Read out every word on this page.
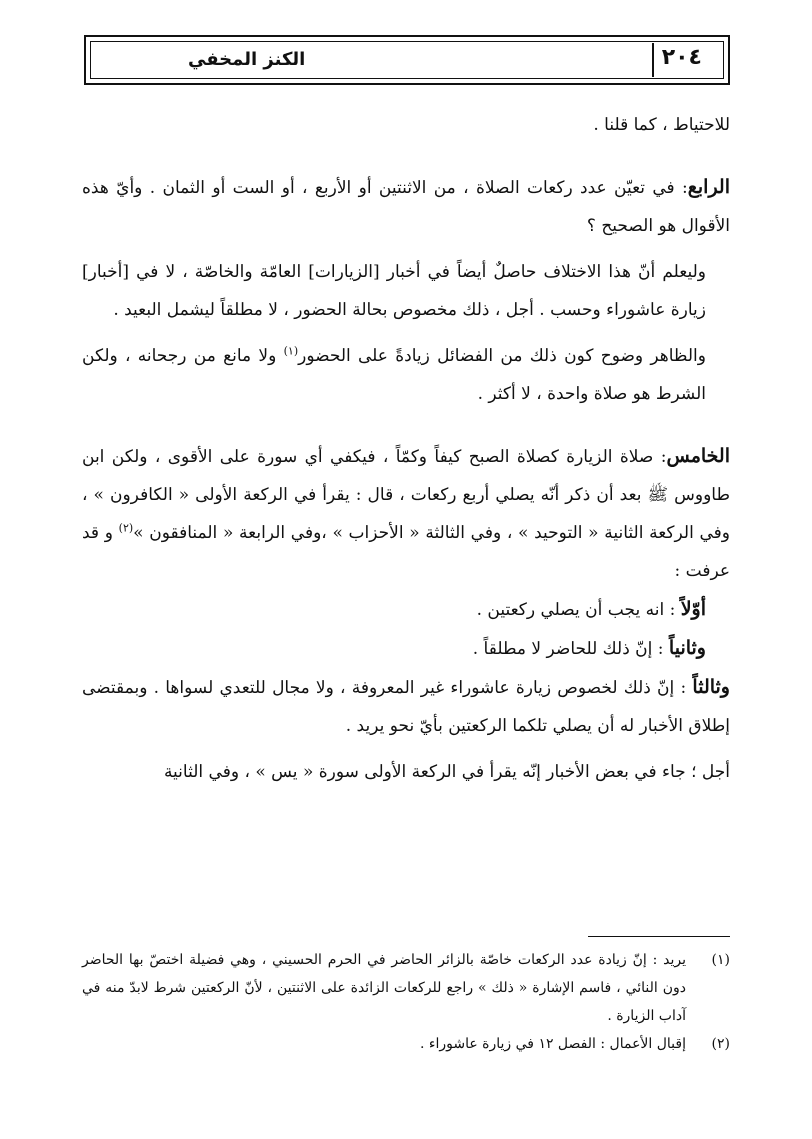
٢٠٤
الكنز المخفي

للاحتياط ، كما قلنا .

الرابع: في تعيّن عدد ركعات الصلاة ، من الاثنتين أو الأربع ، أو الست أو الثمان . وأيّ هذه الأقوال هو الصحيح ؟

وليعلم أنّ هذا الاختلاف حاصلٌ أيضاً في أخبار [الزيارات] العامّة والخاصّة ، لا في [أخبار] زيارة عاشوراء وحسب . أجل ، ذلك مخصوص بحالة الحضور ، لا مطلقاً ليشمل البعيد .

والظاهر وضوح كون ذلك من الفضائل زيادةً على الحضور$^{(١)}$ ولا مانع من رجحانه ، ولكن الشرط هو صلاة واحدة ، لا أكثر .

الخامس: صلاة الزيارة كصلاة الصبح كيفاً وكمّاً ، فيكفي أي سورة على الأقوى ، ولكن ابن طاووس ﷺ بعد أن ذكر أنّه يصلي أربع ركعات ، قال : يقرأ في الركعة الأولى « الكافرون » ، وفي الركعة الثانية « التوحيد » ، وفي الثالثة « الأحزاب » ،وفي الرابعة « المنافقون »$^{(٢)}$ و قد عرفت :

أوّلاً : انه يجب أن يصلي ركعتين .

وثانياً : إنّ ذلك للحاضر لا مطلقاً .

وثالثاً : إنّ ذلك لخصوص زيارة عاشوراء غير المعروفة ، ولا مجال للتعدي لسواها . وبمقتضى إطلاق الأخبار له أن يصلي تلكما الركعتين بأيّ نحو يريد .

أجل ؛ جاء في بعض الأخبار إنّه يقرأ في الركعة الأولى سورة « يس » ، وفي الثانية

(١)
يريد : إنّ زيادة عدد الركعات خاصّة بالزائر الحاضر في الحرم الحسيني ، وهي فضيلة اختصّ بها الحاضر دون النائي ، فاسم الإشارة « ذلك » راجع للركعات الزائدة على الاثنتين ، لأنّ الركعتين شرط لابدّ منه في آداب الزيارة .

(٢)
إقبال الأعمال : الفصل ١٢ في زيارة عاشوراء .
